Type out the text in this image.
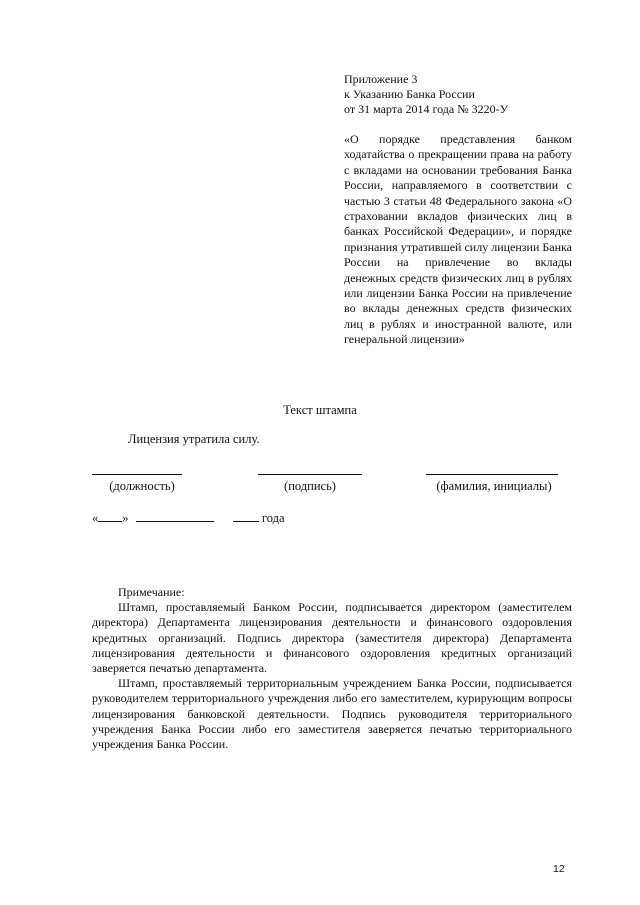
Приложение 3
к Указанию Банка России
от 31 марта 2014 года № 3220-У
«О порядке представления банком ходатайства о прекращении права на работу с вкладами на основании требования Банка России, направляемого в соответствии с частью 3 статьи 48 Федерального закона «О страховании вкладов физических лиц в банках Российской Федерации», и порядке признания утратившей силу лицензии Банка России на привлечение во вклады денежных средств физических лиц в рублях или лицензии Банка России на привлечение во вклады денежных средств физических лиц в рублях и иностранной валюте, или генеральной лицензии»
Текст штампа
Лицензия утратила силу.
(должность)	(подпись)	(фамилия, инициалы)
« »	года
Примечание:
Штамп, проставляемый Банком России, подписывается директором (заместителем директора) Департамента лицензирования деятельности и финансового оздоровления кредитных организаций. Подпись директора (заместителя директора) Департамента лицензирования деятельности и финансового оздоровления кредитных организаций заверяется печатью департамента.
Штамп, проставляемый территориальным учреждением Банка России, подписывается руководителем территориального учреждения либо его заместителем, курирующим вопросы лицензирования банковской деятельности. Подпись руководителя территориального учреждения Банка России либо его заместителя заверяется печатью территориального учреждения Банка России.
12
